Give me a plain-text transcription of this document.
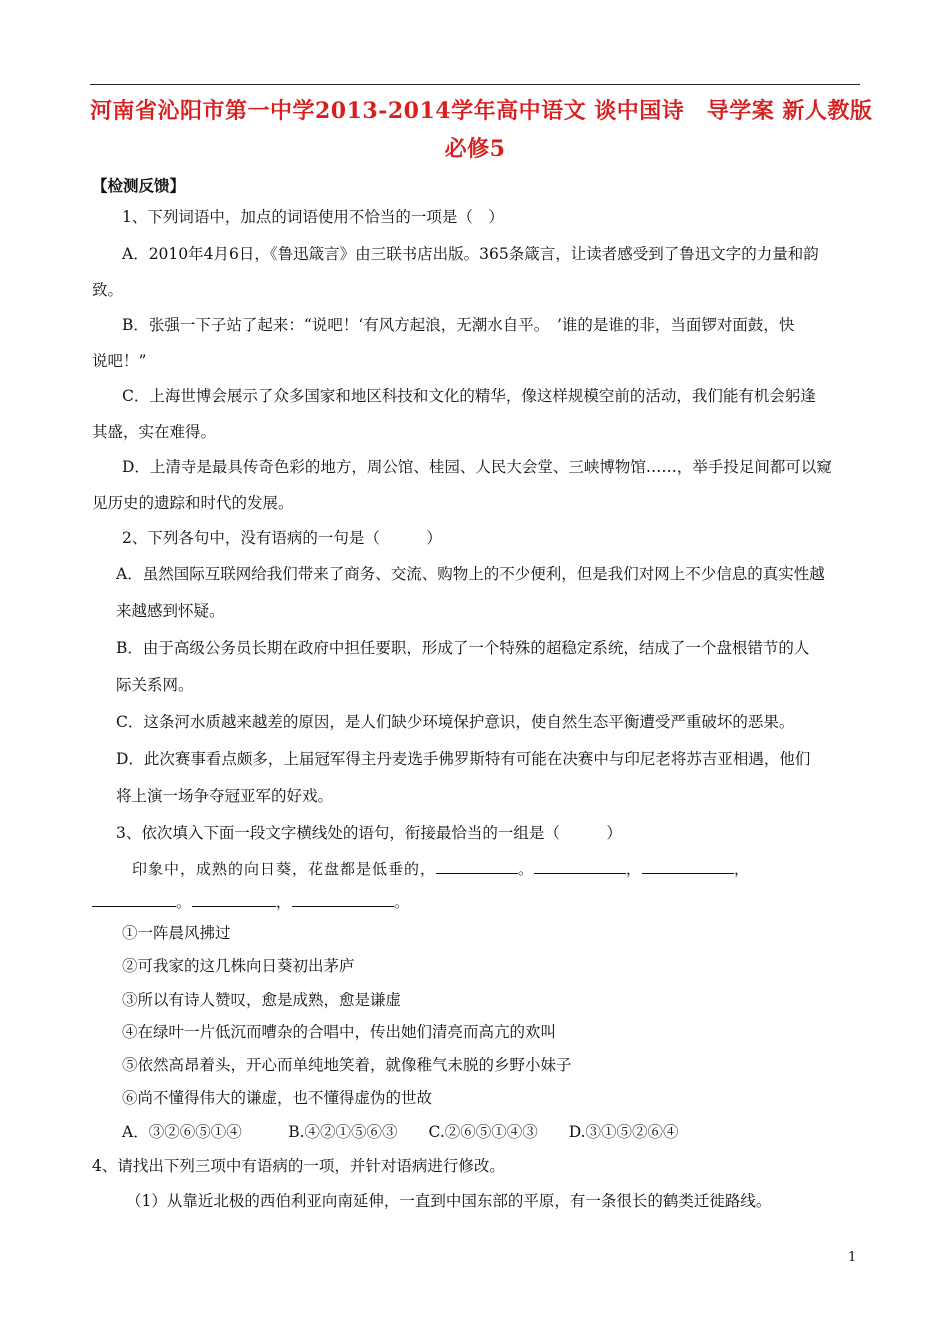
河南省沁阳市第一中学2013-2014学年高中语文 谈中国诗　导学案 新人教版
必修5
【检测反馈】
1、下列词语中，加点的词语使用不恰当的一项是（　）
A．2010年4月6日，《鲁迅箴言》由三联书店出版。365条箴言，让读者感受到了鲁迅文字的力量和韵
致。
B．张强一下子站了起来：“说吧！‘有风方起浪，无潮水自平。　’谁的是谁的非，当面锣对面鼓，快
说吧！”
C．上海世博会展示了众多国家和地区科技和文化的精华，像这样规模空前的活动，我们能有机会躬逢
其盛，实在难得。
D．上清寺是最具传奇色彩的地方，周公馆、桂园、人民大会堂、三峡博物馆……，举手投足间都可以窥
见历史的遗踪和时代的发展。
2、下列各句中，没有语病的一句是（　　　）
A．虽然国际互联网给我们带来了商务、交流、购物上的不少便利，但是我们对网上不少信息的真实性越
来越感到怀疑。
B．由于高级公务员长期在政府中担任要职，形成了一个特殊的超稳定系统，结成了一个盘根错节的人
际关系网。
C．这条河水质越来越差的原因，是人们缺少环境保护意识，使自然生态平衡遭受严重破坏的恶果。
D．此次赛事看点颇多，上届冠军得主丹麦选手佛罗斯特有可能在决赛中与印尼老将苏吉亚相遇，他们
将上演一场争夺冠亚军的好戏。
3、依次填入下面一段文字横线处的语句，衔接最恰当的一组是（　　　）
印象中，成熟的向日葵，花盘都是低垂的，	。	，	，
。	，	。
①一阵晨风拂过
②可我家的这几株向日葵初出茅庐
③所以有诗人赞叹，愈是成熟，愈是谦虚
④在绿叶一片低沉而嘈杂的合唱中，传出她们清亮而高亢的欢叫
⑤依然高昂着头，开心而单纯地笑着，就像稚气未脱的乡野小妹子
⑥尚不懂得伟大的谦虚，也不懂得虚伪的世故
A．③②⑥⑤①④　　　B.④②①⑤⑥③　　C.②⑥⑤①④③　　D.③①⑤②⑥④
4、请找出下列三项中有语病的一项，并针对语病进行修改。
（1）从靠近北极的西伯利亚向南延伸，一直到中国东部的平原，有一条很长的鹤类迁徙路线。
1
